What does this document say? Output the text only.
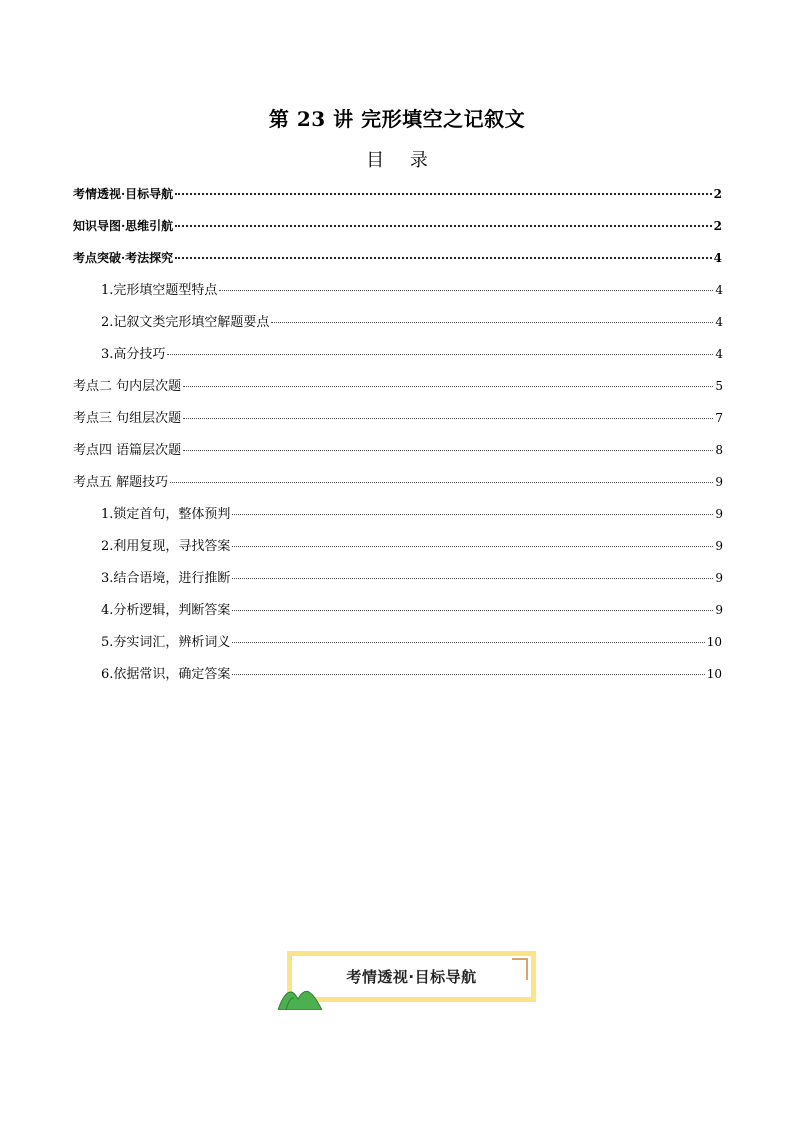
第 23 讲 完形填空之记叙文
目 录
考情透视·目标导航	2
知识导图·思维引航	2
考点突破·考法探究	4
1.完形填空题型特点	4
2.记叙文类完形填空解题要点	4
3.高分技巧	4
考点二 句内层次题	5
考点三 句组层次题	7
考点四 语篇层次题	8
考点五 解题技巧	9
1.锁定首句，整体预判	9
2.利用复现，寻找答案	9
3.结合语境，进行推断	9
4.分析逻辑，判断答案	9
5.夯实词汇，辨析词义	10
6.依据常识，确定答案	10
考情透视·目标导航
